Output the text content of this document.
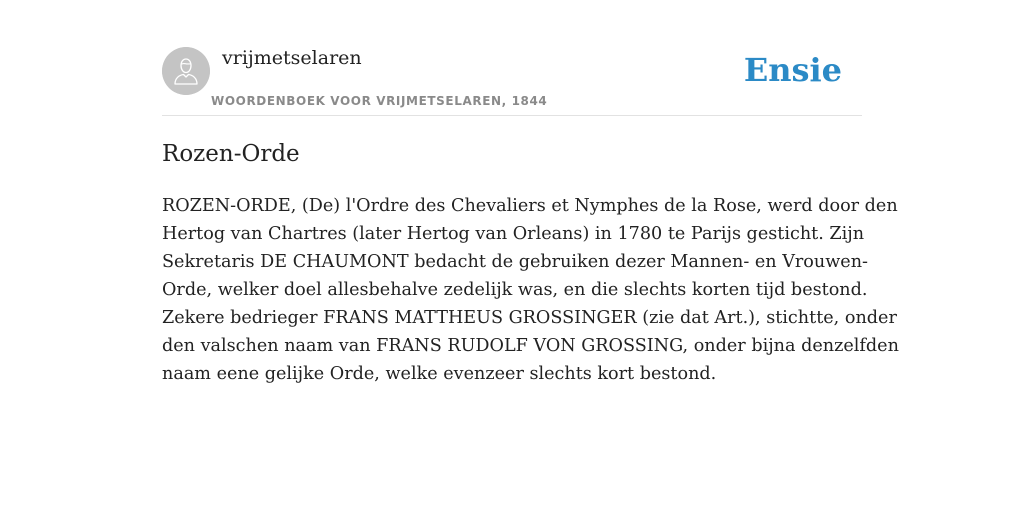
vrijmetselaren
WOORDENBOEK VOOR VRIJMETSELAREN, 1844
Ensie
Rozen-Orde

ROZEN-ORDE, (De) l'Ordre des Chevaliers et Nymphes de la Rose, werd door den
Hertog van Chartres (later Hertog van Orleans) in 1780 te Parijs gesticht. Zijn
Sekretaris DE CHAUMONT bedacht de gebruiken dezer Mannen- en Vrouwen-
Orde, welker doel allesbehalve zedelijk was, en die slechts korten tijd bestond.
Zekere bedrieger FRANS MATTHEUS GROSSINGER (zie dat Art.), stichtte, onder
den valschen naam van FRANS RUDOLF VON GROSSING, onder bijna denzelfden
naam eene gelijke Orde, welke evenzeer slechts kort bestond.
